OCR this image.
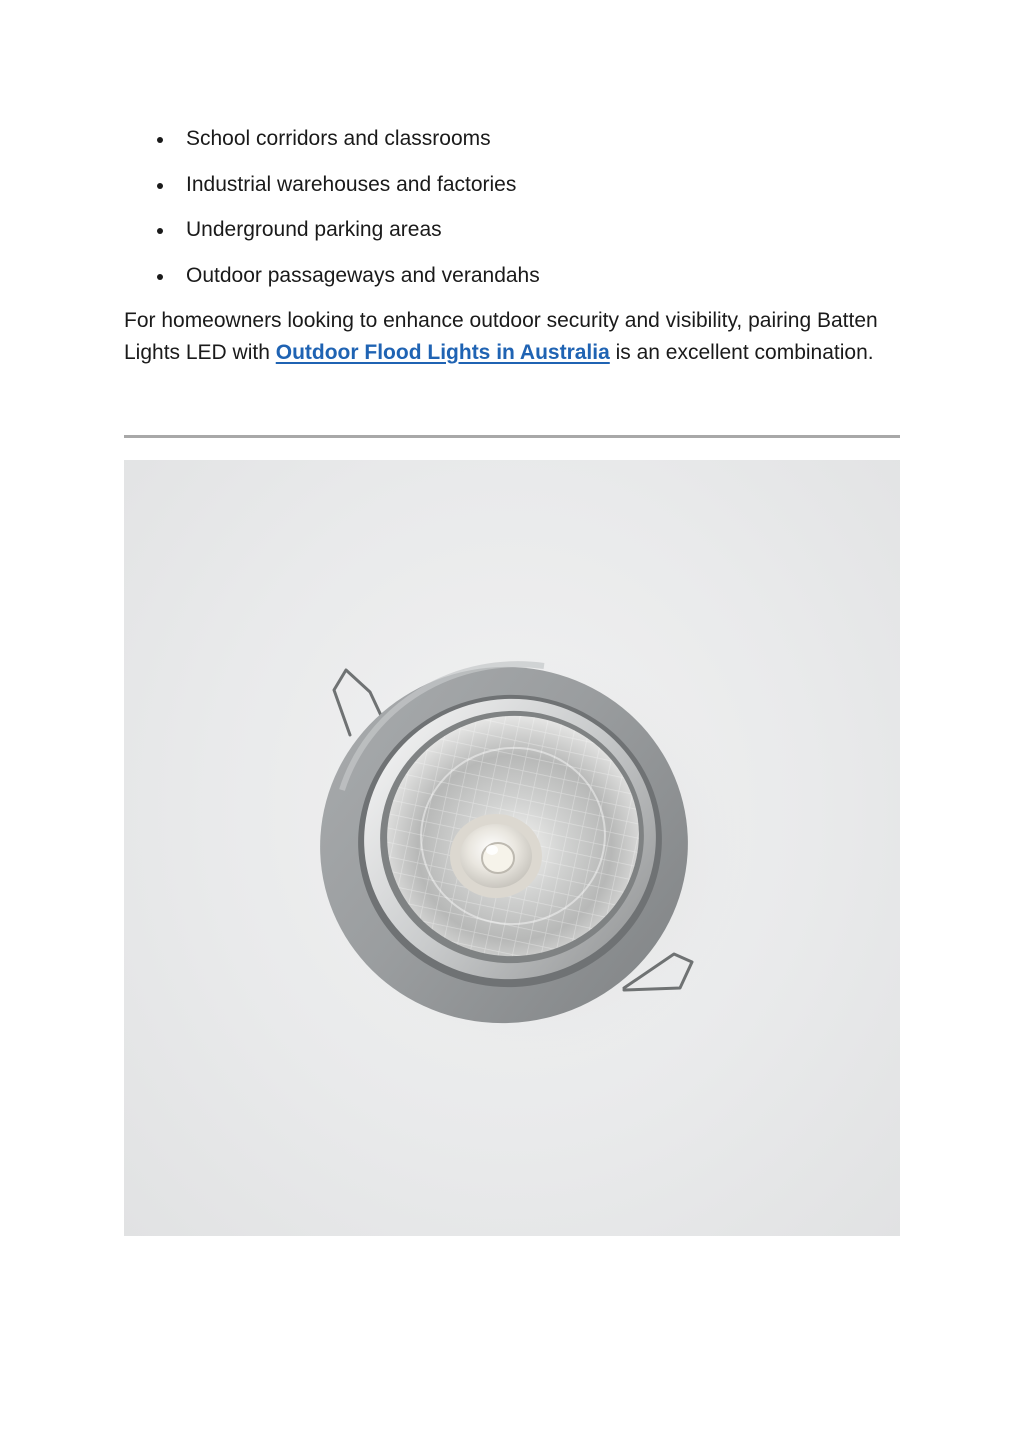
School corridors and classrooms
Industrial warehouses and factories
Underground parking areas
Outdoor passageways and verandahs

For homeowners looking to enhance outdoor security and visibility, pairing Batten Lights LED with Outdoor Flood Lights in Australia is an excellent combination.
